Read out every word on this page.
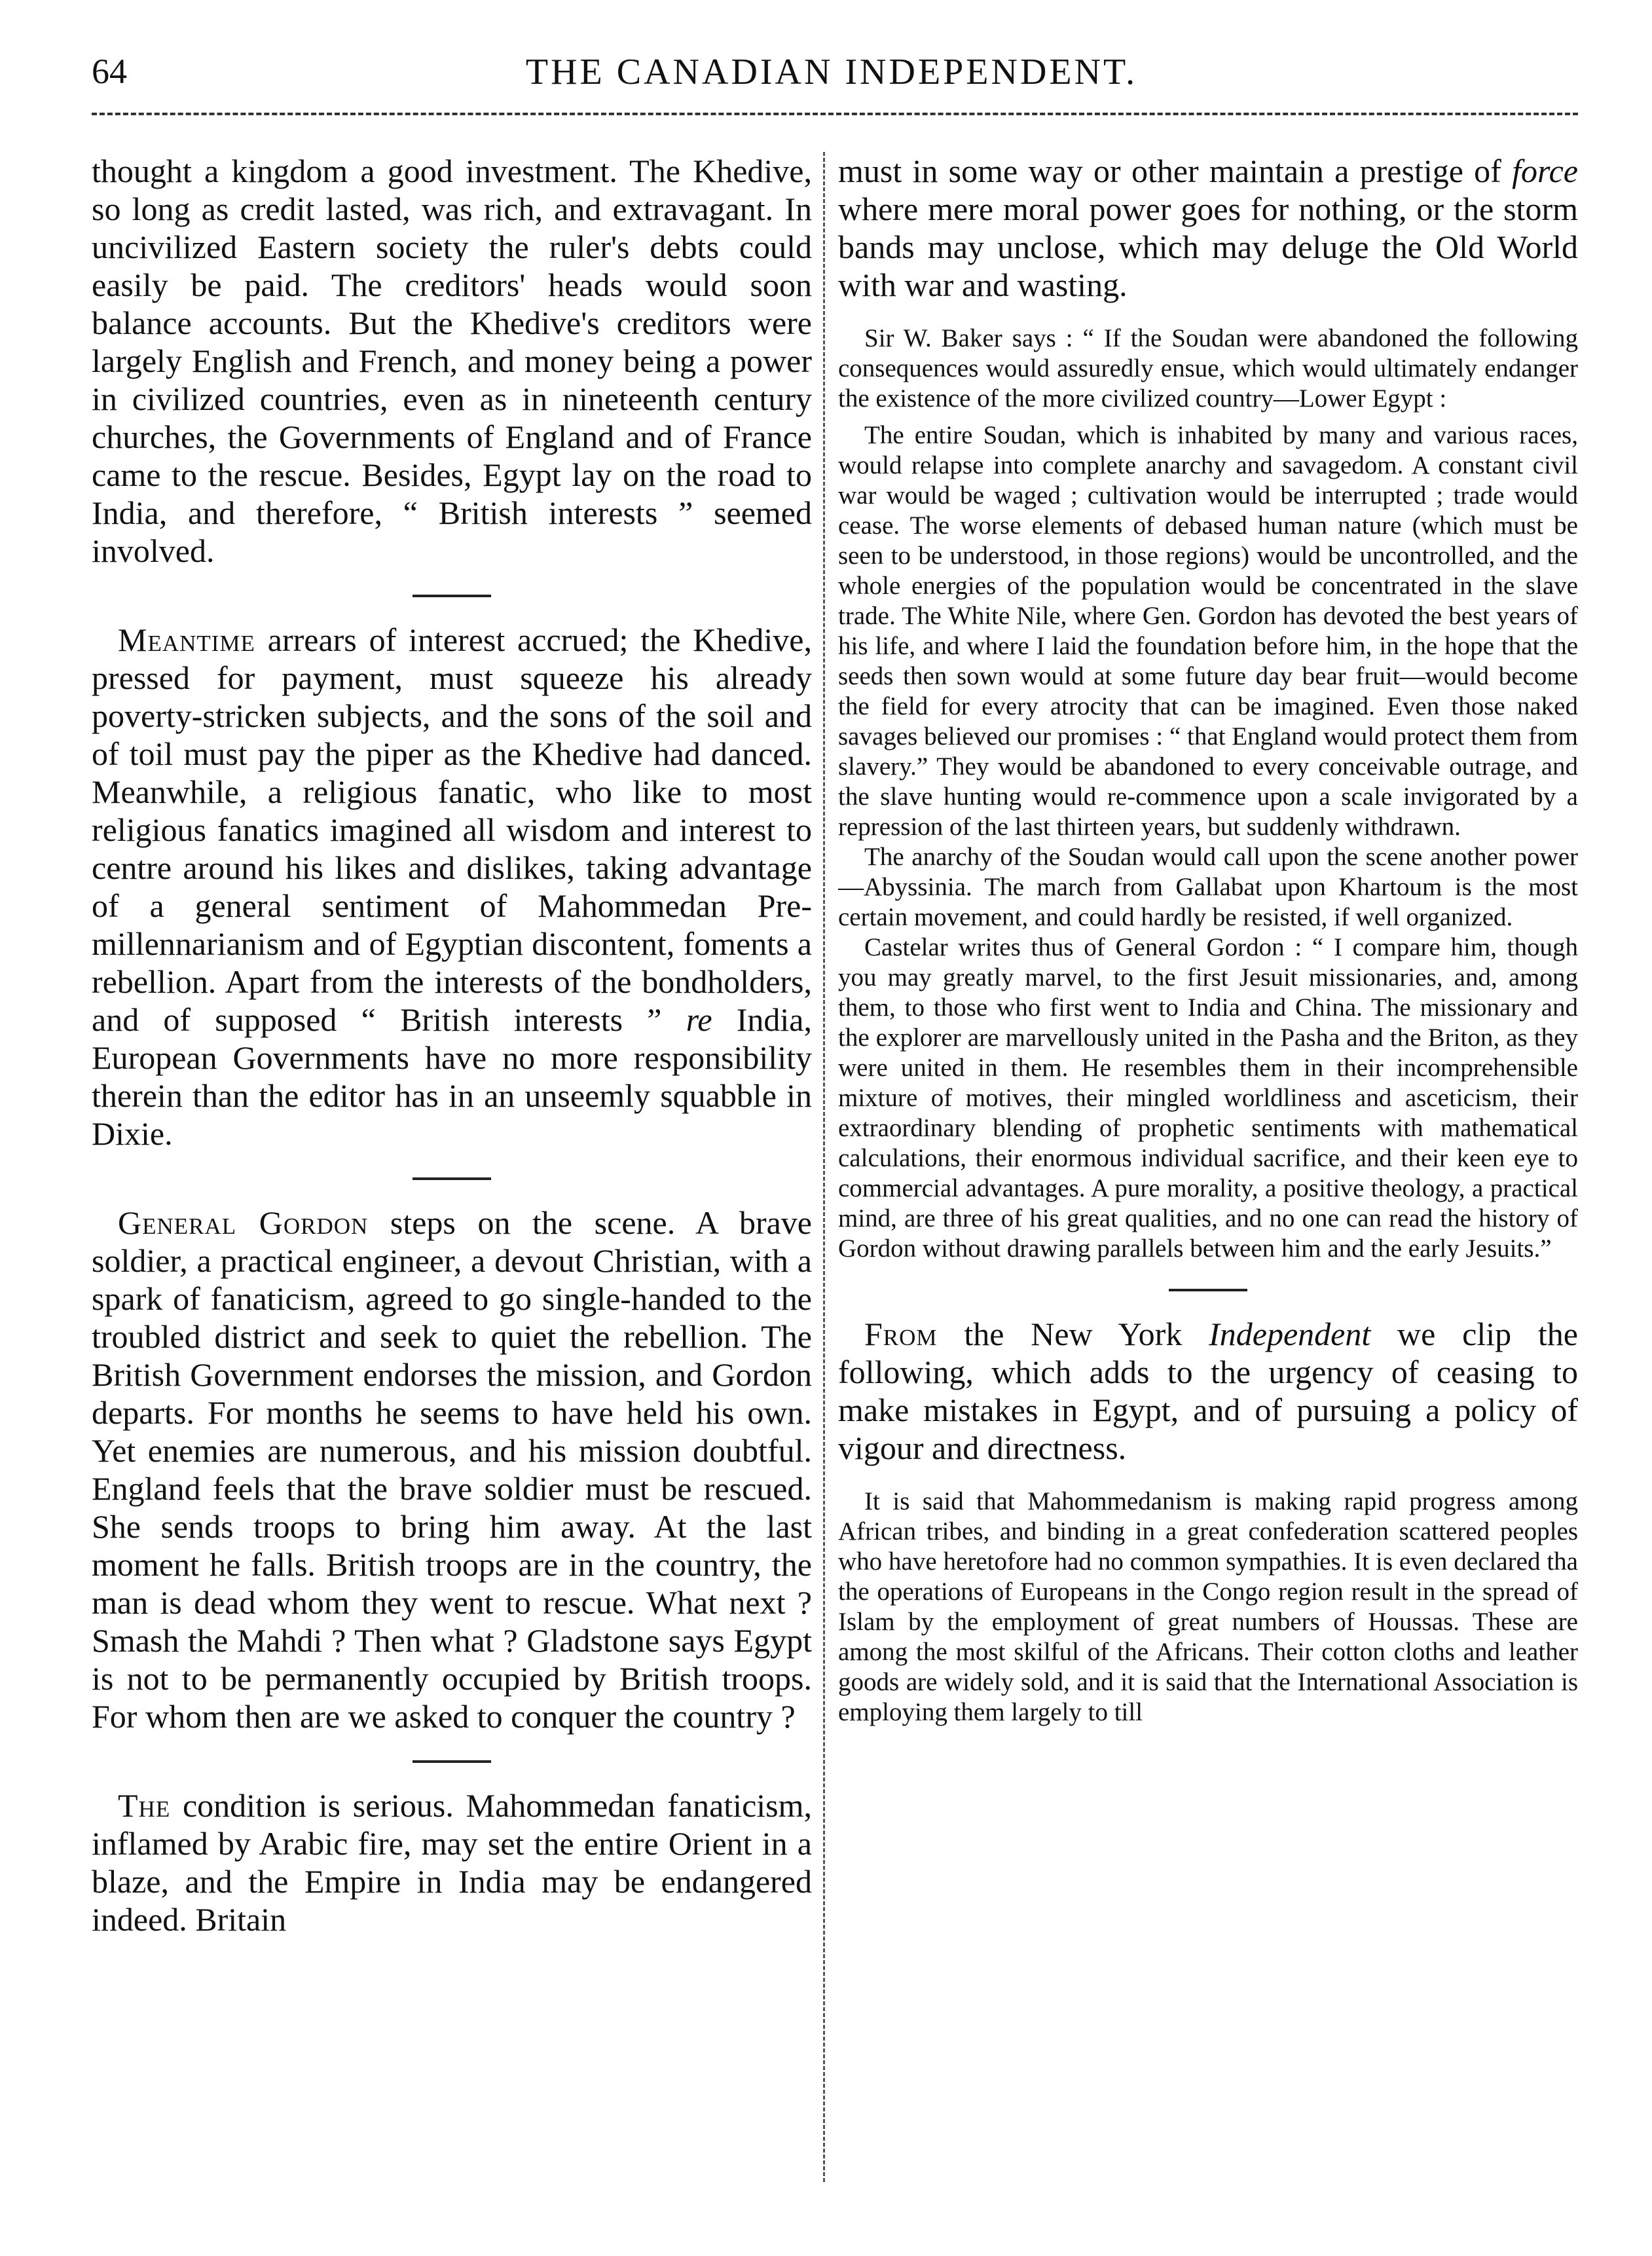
64	THE CANADIAN INDEPENDENT.

thought a kingdom a good investment. The Khedive, so long as credit lasted, was rich, and extravagant. In uncivilized Eastern society the ruler's debts could easily be paid. The creditors' heads would soon balance accounts. But the Khedive's creditors were largely English and French, and money being a power in civilized countries, even as in nineteenth century churches, the Governments of England and of France came to the rescue. Besides, Egypt lay on the road to India, and therefore, “ British interests ” seemed involved.

Meantime arrears of interest accrued; the Khedive, pressed for payment, must squeeze his already poverty-stricken subjects, and the sons of the soil and of toil must pay the piper as the Khedive had danced. Meanwhile, a religious fanatic, who like to most religious fanatics imagined all wisdom and interest to centre around his likes and dislikes, taking advantage of a general sentiment of Mahommedan Pre-millennarianism and of Egyptian discontent, foments a rebellion. Apart from the interests of the bondholders, and of supposed “ British interests ” re India, European Governments have no more responsibility therein than the editor has in an unseemly squabble in Dixie.

General Gordon steps on the scene. A brave soldier, a practical engineer, a devout Christian, with a spark of fanaticism, agreed to go single-handed to the troubled district and seek to quiet the rebellion. The British Government endorses the mission, and Gordon departs. For months he seems to have held his own. Yet enemies are numerous, and his mission doubtful. England feels that the brave soldier must be rescued. She sends troops to bring him away. At the last moment he falls. British troops are in the country, the man is dead whom they went to rescue. What next ? Smash the Mahdi ? Then what ? Gladstone says Egypt is not to be permanently occupied by British troops. For whom then are we asked to conquer the country ?

The condition is serious. Mahommedan fanaticism, inflamed by Arabic fire, may set the entire Orient in a blaze, and the Empire in India may be endangered indeed. Britain

must in some way or other maintain a prestige of force where mere moral power goes for nothing, or the storm bands may unclose, which may deluge the Old World with war and wasting.

Sir W. Baker says : “ If the Soudan were abandoned the following consequences would assuredly ensue, which would ultimately endanger the existence of the more civilized country—Lower Egypt :

The entire Soudan, which is inhabited by many and various races, would relapse into complete anarchy and savagedom. A constant civil war would be waged ; cultivation would be interrupted ; trade would cease. The worse elements of debased human nature (which must be seen to be understood, in those regions) would be uncontrolled, and the whole energies of the population would be concentrated in the slave trade. The White Nile, where Gen. Gordon has devoted the best years of his life, and where I laid the foundation before him, in the hope that the seeds then sown would at some future day bear fruit—would become the field for every atrocity that can be imagined. Even those naked savages believed our promises : “ that England would protect them from slavery.” They would be abandoned to every conceivable outrage, and the slave hunting would re-commence upon a scale invigorated by a repression of the last thirteen years, but suddenly withdrawn.

The anarchy of the Soudan would call upon the scene another power—Abyssinia. The march from Gallabat upon Khartoum is the most certain movement, and could hardly be resisted, if well organized.

Castelar writes thus of General Gordon : “ I compare him, though you may greatly marvel, to the first Jesuit missionaries, and, among them, to those who first went to India and China. The missionary and the explorer are marvellously united in the Pasha and the Briton, as they were united in them. He resembles them in their incomprehensible mixture of motives, their mingled worldliness and asceticism, their extraordinary blending of prophetic sentiments with mathematical calculations, their enormous individual sacrifice, and their keen eye to commercial advantages. A pure morality, a positive theology, a practical mind, are three of his great qualities, and no one can read the history of Gordon without drawing parallels between him and the early Jesuits.”

From the New York Independent we clip the following, which adds to the urgency of ceasing to make mistakes in Egypt, and of pursuing a policy of vigour and directness.

It is said that Mahommedanism is making rapid progress among African tribes, and binding in a great confederation scattered peoples who have heretofore had no common sympathies. It is even declared tha the operations of Europeans in the Congo region result in the spread of Islam by the employment of great numbers of Houssas. These are among the most skilful of the Africans. Their cotton cloths and leather goods are widely sold, and it is said that the International Association is employing them largely to till
